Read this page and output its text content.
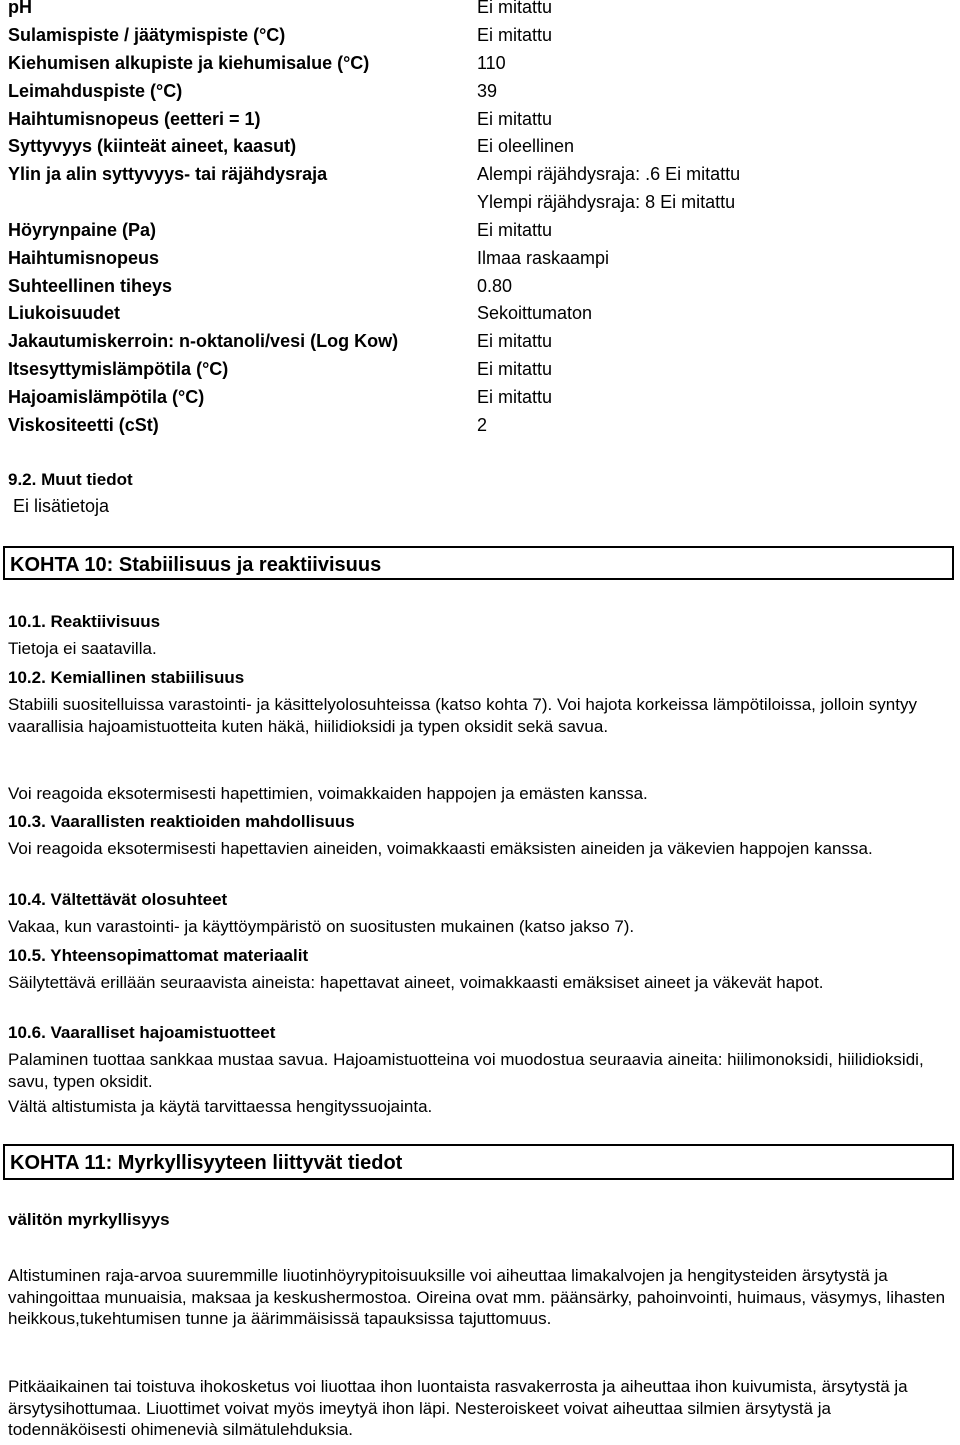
pH	Ei mitattu
Sulamispiste / jäätymispiste (°C)	Ei mitattu
Kiehumisen alkupiste ja kiehumisalue (°C)	110
Leimahduspiste (°C)	39
Haihtumisnopeus (eetteri = 1)	Ei mitattu
Syttyvyys (kiinteät aineet, kaasut)	Ei oleellinen
Ylin ja alin syttyvyys- tai räjähdysraja	Alempi räjähdysraja: .6 Ei mitattu
Ylempi räjähdysraja: 8 Ei mitattu
Höyrynpaine (Pa)	Ei mitattu
Haihtumisnopeus	Ilmaa raskaampi
Suhteellinen tiheys	0.80
Liukoisuudet	Sekoittumaton
Jakautumiskerroin: n-oktanoli/vesi (Log Kow)	Ei mitattu
Itsesyttymislämpötila (°C)	Ei mitattu
Hajoamislämpötila (°C)	Ei mitattu
Viskositeetti (cSt)	2
9.2. Muut tiedot
Ei lisätietoja
KOHTA 10: Stabiilisuus ja reaktiivisuus
10.1. Reaktiivisuus
Tietoja ei saatavilla.
10.2. Kemiallinen stabiilisuus
Stabiili suositelluissa varastointi- ja käsittelyolosuhteissa (katso kohta 7). Voi hajota korkeissa lämpötiloissa, jolloin syntyy vaarallisia hajoamistuotteita kuten häkä, hiilidioksidi ja typen oksidit sekä savua.
Voi reagoida eksotermisesti hapettimien, voimakkaiden happojen ja emästen kanssa.
10.3. Vaarallisten reaktioiden mahdollisuus
Voi reagoida eksotermisesti hapettavien aineiden, voimakkaasti emäksisten aineiden ja väkevien happojen kanssa.
10.4. Vältettävät olosuhteet
Vakaa, kun varastointi- ja käyttöympäristö on suositusten mukainen (katso jakso 7).
10.5. Yhteensopimattomat materiaalit
Säilytettävä erillään seuraavista aineista: hapettavat aineet, voimakkaasti emäksiset aineet ja väkevät hapot.
10.6. Vaaralliset hajoamistuotteet
Palaminen tuottaa sankkaa mustaa savua. Hajoamistuotteina voi muodostua seuraavia aineita: hiilimonoksidi, hiilidioksidi, savu, typen oksidit.
Vältä altistumista ja käytä tarvittaessa hengityssuojainta.
KOHTA 11: Myrkyllisyyteen liittyvät tiedot
välitön myrkyllisyys
Altistuminen raja-arvoa suuremmille liuotinhöyrypitoisuuksille voi aiheuttaa limakalvojen ja hengitysteiden ärsytystä ja vahingoittaa munuaisia, maksaa ja keskushermostoa. Oireina ovat mm. päänsärky, pahoinvointi, huimaus, väsymys, lihasten heikkous,tukehtumisen tunne ja äärimmäisissä tapauksissa tajuttomuus.
Pitkäaikainen tai toistuva ihokosketus voi liuottaa ihon luontaista rasvakerrosta ja aiheuttaa ihon kuivumista, ärsytystä ja ärsytysihottumaa. Liuottimet voivat myös imeytyä ihon läpi. Nesteroiskeet voivat aiheuttaa silmien ärsytystä ja todennäköisesti ohimenevià silmätulehduksia.
